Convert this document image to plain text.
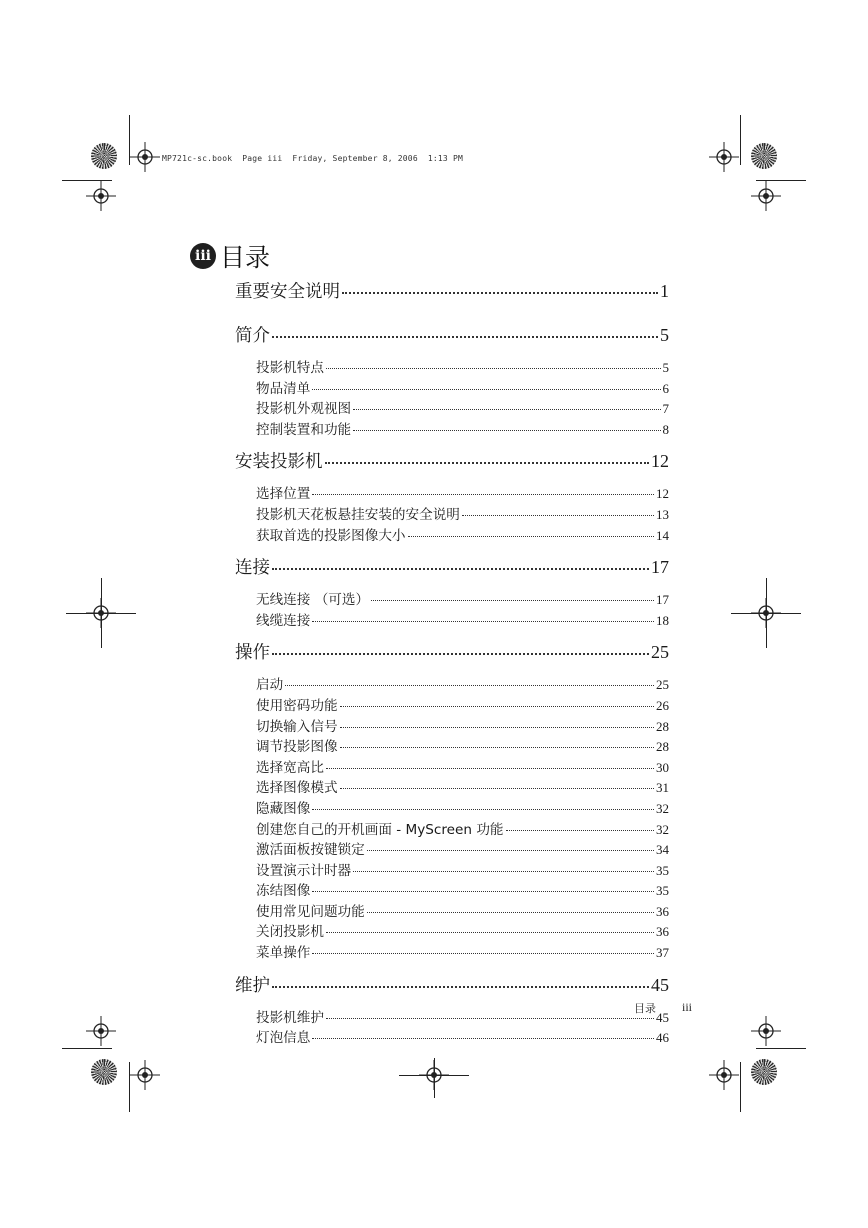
MP721c-sc.book  Page iii  Friday, September 8, 2006  1:13 PM
iii 目录
重要安全说明	1
简介	5
投影机特点	5
物品清单	6
投影机外观视图	7
控制装置和功能	8
安装投影机	12
选择位置	12
投影机天花板悬挂安装的安全说明	13
获取首选的投影图像大小	14
连接	17
无线连接 （可选）	17
线缆连接	18
操作	25
启动	25
使用密码功能	26
切换输入信号	28
调节投影图像	28
选择宽高比	30
选择图像模式	31
隐藏图像	32
创建您自己的开机画面 - MyScreen 功能	32
激活面板按键锁定	34
设置演示计时器	35
冻结图像	35
使用常见问题功能	36
关闭投影机	36
菜单操作	37
维护	45
投影机维护	45
灯泡信息	46
目录 iii
